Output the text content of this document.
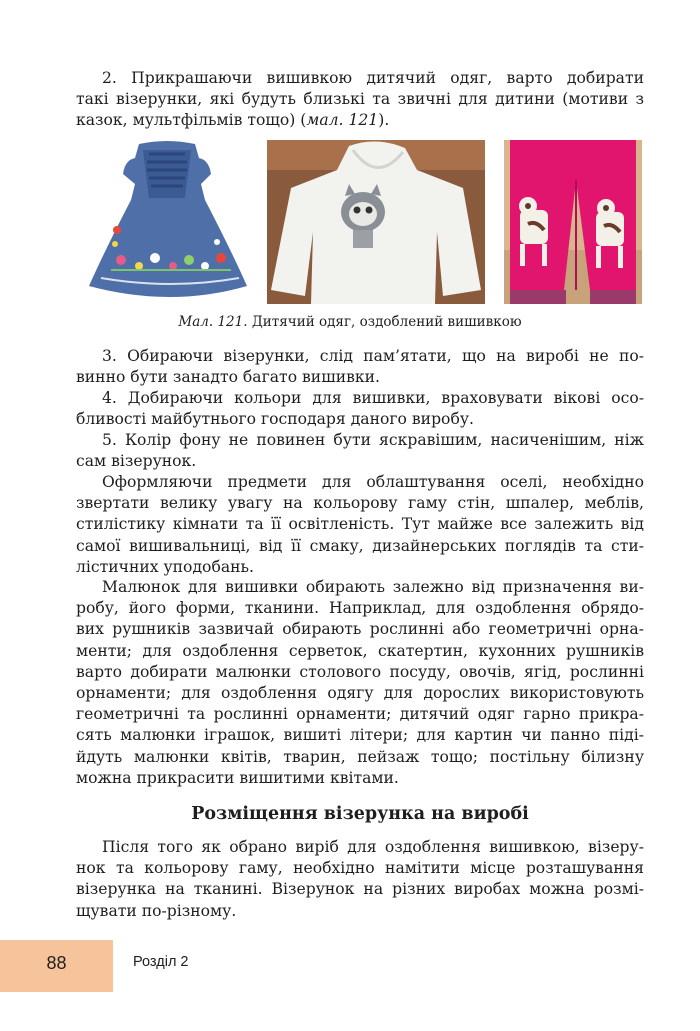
2. Прикрашаючи вишивкою дитячий одяг, варто добирати
такі візерунки, які будуть близькі та звичні для дитини (мотиви з
казок, мультфільмів тощо) (мал. 121).
Мал. 121. Дитячий одяг, оздоблений вишивкою
3. Обираючи візерунки, слід пам’ятати, що на виробі не по-
винно бути занадто багато вишивки.
4. Добираючи кольори для вишивки, враховувати вікові осо-
бливості майбутнього господаря даного виробу.
5. Колір фону не повинен бути яскравішим, насиченішим, ніж
сам візерунок.
Оформляючи предмети для облаштування оселі, необхідно
звертати велику увагу на кольорову гаму стін, шпалер, меблів,
стилістику кімнати та її освітленість. Тут майже все залежить від
самої вишивальниці, від її смаку, дизайнерських поглядів та сти-
лістичних уподобань.
Малюнок для вишивки обирають залежно від призначення ви-
робу, його форми, тканини. Наприклад, для оздоблення обрядо-
вих рушників зазвичай обирають рослинні або геометричні орна-
менти; для оздоблення серветок, скатертин, кухонних рушників
варто добирати малюнки столового посуду, овочів, ягід, рослинні
орнаменти; для оздоблення одягу для дорослих використовують
геометричні та рослинні орнаменти; дитячий одяг гарно прикра-
сять малюнки іграшок, вишиті літери; для картин чи панно піді-
йдуть малюнки квітів, тварин, пейзаж тощо; постільну білизну
можна прикрасити вишитими квітами.
Розміщення візерунка на виробі
Після того як обрано виріб для оздоблення вишивкою, візеру-
нок та кольорову гаму, необхідно намітити місце розташування
візерунка на тканині. Візерунок на різних виробах можна розмі-
щувати по-різному.
88	Розділ 2
